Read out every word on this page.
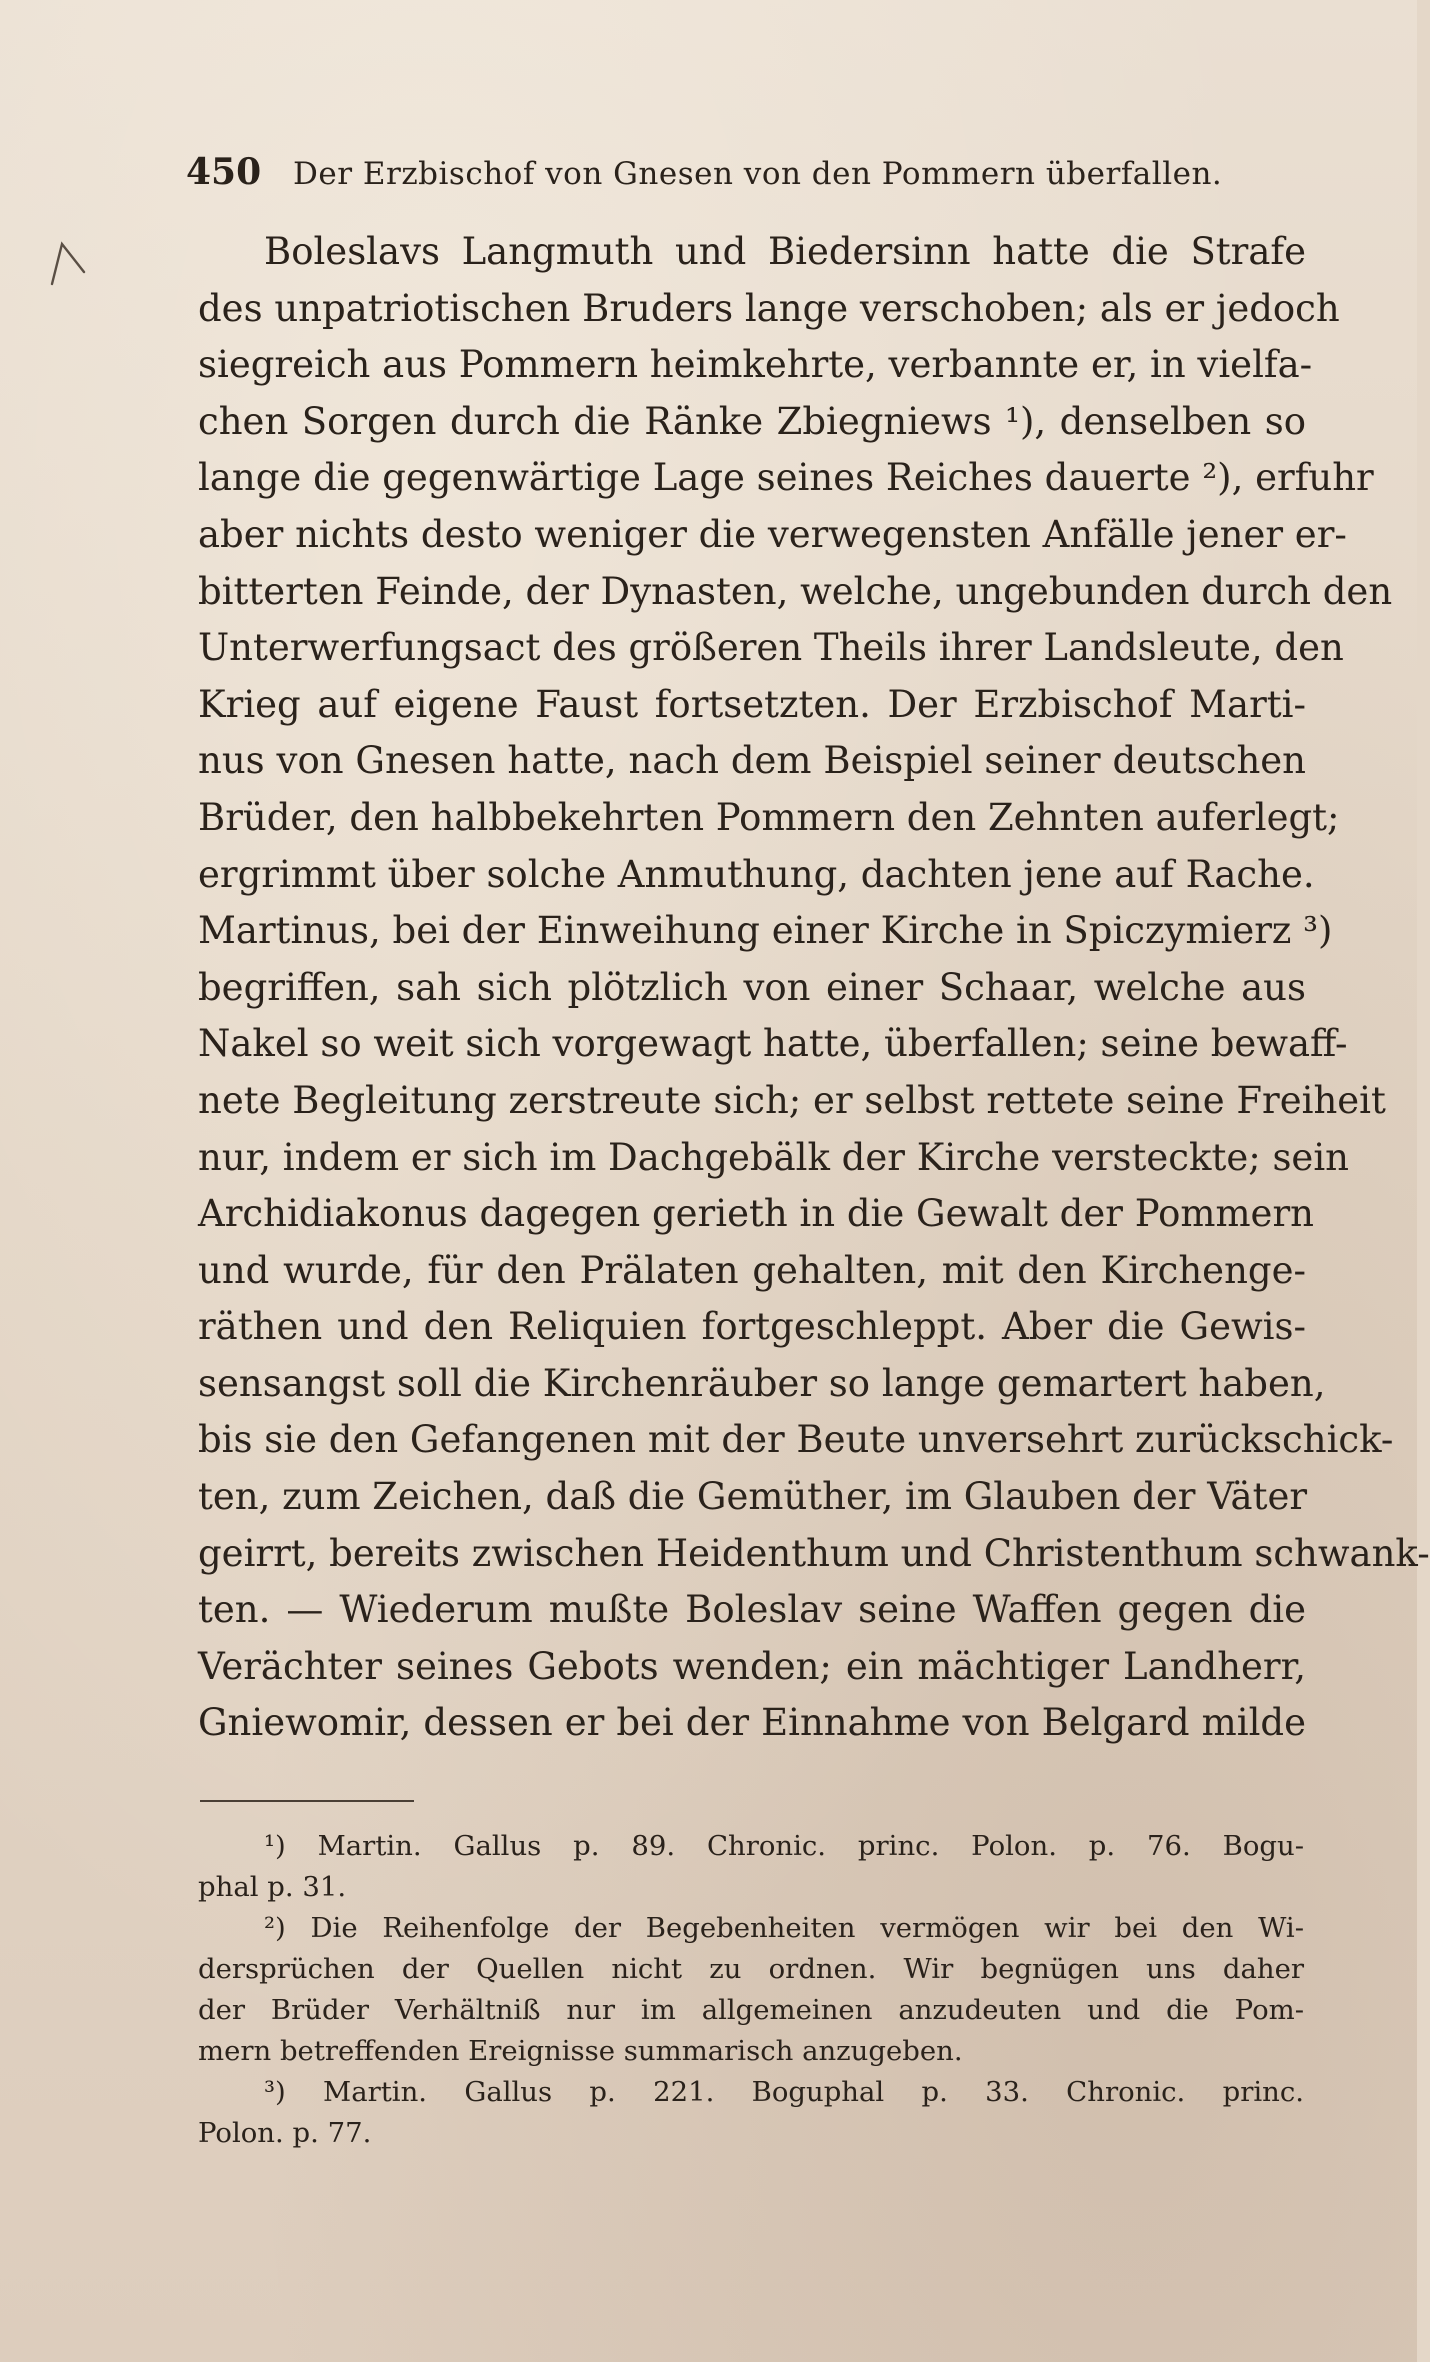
450 Der Erzbischof von Gnesen von den Pommern überfallen.
Boleslavs Langmuth und Biedersinn hatte die Strafe
des unpatriotischen Bruders lange verschoben; als er jedoch
siegreich aus Pommern heimkehrte, verbannte er, in vielfa-
chen Sorgen durch die Ränke Zbiegniews ¹), denselben so
lange die gegenwärtige Lage seines Reiches dauerte ²), erfuhr
aber nichts desto weniger die verwegensten Anfälle jener er-
bitterten Feinde, der Dynasten, welche, ungebunden durch den
Unterwerfungsact des größeren Theils ihrer Landsleute, den
Krieg auf eigene Faust fortsetzten. Der Erzbischof Marti-
nus von Gnesen hatte, nach dem Beispiel seiner deutschen
Brüder, den halbbekehrten Pommern den Zehnten auferlegt;
ergrimmt über solche Anmuthung, dachten jene auf Rache.
Martinus, bei der Einweihung einer Kirche in Spiczymierz ³)
begriffen, sah sich plötzlich von einer Schaar, welche aus
Nakel so weit sich vorgewagt hatte, überfallen; seine bewaff-
nete Begleitung zerstreute sich; er selbst rettete seine Freiheit
nur, indem er sich im Dachgebälk der Kirche versteckte; sein
Archidiakonus dagegen gerieth in die Gewalt der Pommern
und wurde, für den Prälaten gehalten, mit den Kirchenge-
räthen und den Reliquien fortgeschleppt. Aber die Gewis-
sensangst soll die Kirchenräuber so lange gemartert haben,
bis sie den Gefangenen mit der Beute unversehrt zurückschick-
ten, zum Zeichen, daß die Gemüther, im Glauben der Väter
geirrt, bereits zwischen Heidenthum und Christenthum schwank-
ten. — Wiederum mußte Boleslav seine Waffen gegen die
Verächter seines Gebots wenden; ein mächtiger Landherr,
Gniewomir, dessen er bei der Einnahme von Belgard milde
¹) Martin. Gallus p. 89. Chronic. princ. Polon. p. 76. Bogu-
phal p. 31.
²) Die Reihenfolge der Begebenheiten vermögen wir bei den Wi-
dersprüchen der Quellen nicht zu ordnen. Wir begnügen uns daher
der Brüder Verhältniß nur im allgemeinen anzudeuten und die Pom-
mern betreffenden Ereignisse summarisch anzugeben.
³) Martin. Gallus p. 221. Boguphal p. 33. Chronic. princ.
Polon. p. 77.
